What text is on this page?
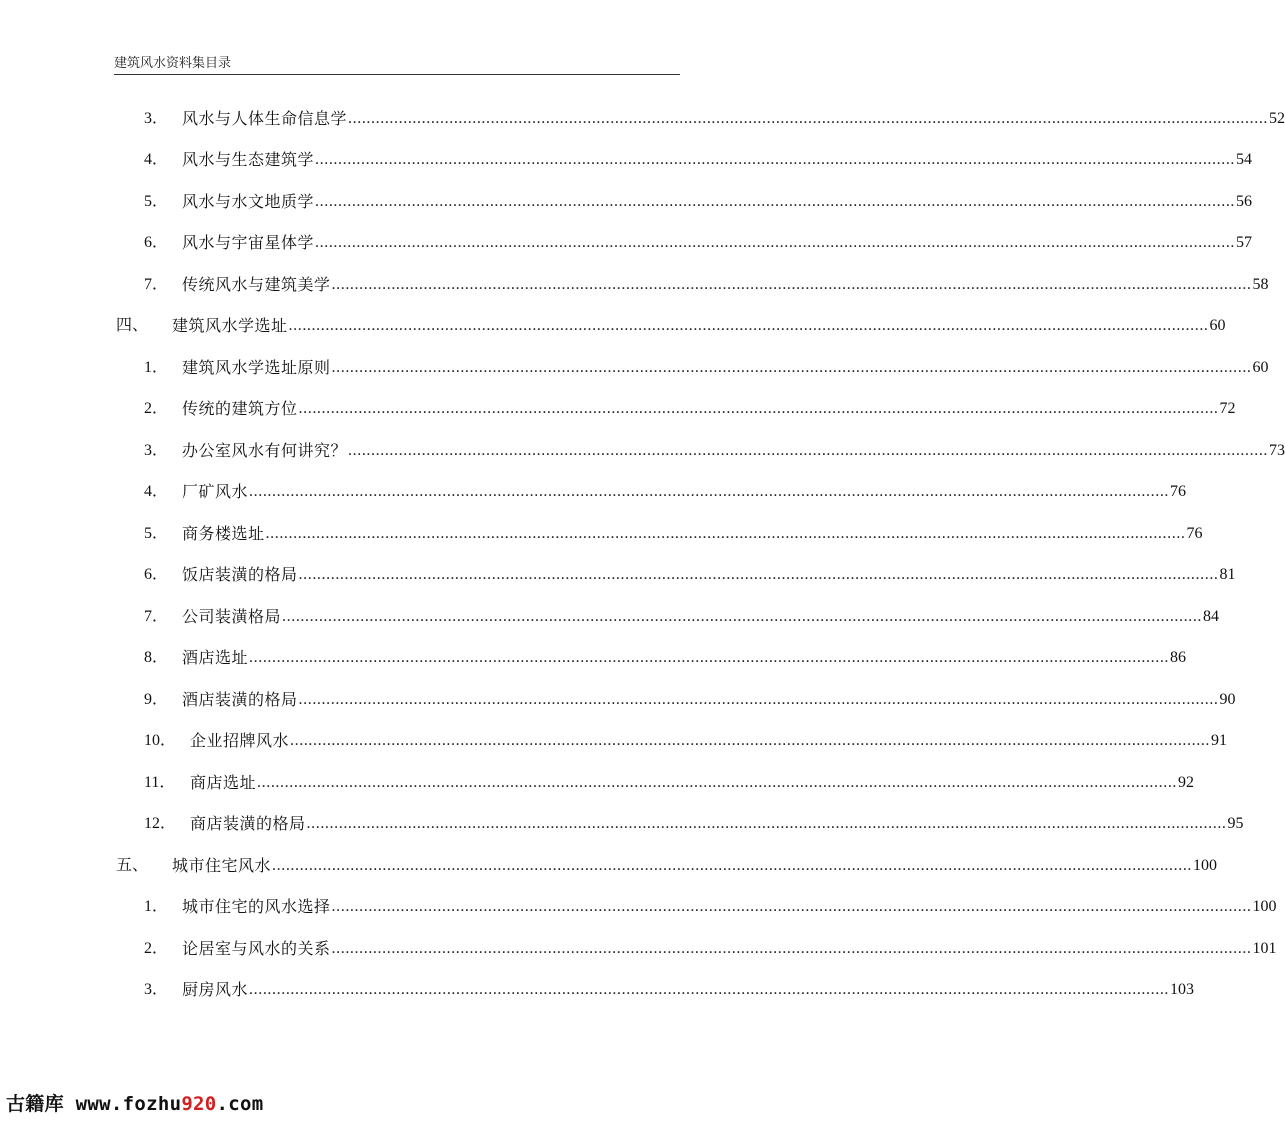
建筑风水资料集目录
3． 风水与人体生命信息学 ........................................................................................................................................................................................................ 52
4． 风水与生态建筑学 ........................................................................................................................................................................................................ 54
5． 风水与水文地质学 ........................................................................................................................................................................................................ 56
6． 风水与宇宙星体学 ........................................................................................................................................................................................................ 57
7． 传统风水与建筑美学 ........................................................................................................................................................................................................ 58
四、	建筑风水学选址 ........................................................................................................................................................................................................ 60
1． 建筑风水学选址原则 ........................................................................................................................................................................................................ 60
2． 传统的建筑方位 ........................................................................................................................................................................................................ 72
3． 办公室风水有何讲究？ ........................................................................................................................................................................................................ 73
4． 厂矿风水 ........................................................................................................................................................................................................ 76
5． 商务楼选址 ........................................................................................................................................................................................................ 76
6． 饭店装潢的格局 ........................................................................................................................................................................................................ 81
7． 公司装潢格局 ........................................................................................................................................................................................................ 84
8． 酒店选址 ........................................................................................................................................................................................................ 86
9． 酒店装潢的格局 ........................................................................................................................................................................................................ 90
10． 企业招牌风水 ........................................................................................................................................................................................................ 91
11． 商店选址 ........................................................................................................................................................................................................ 92
12． 商店装潢的格局 ........................................................................................................................................................................................................ 95
五、	城市住宅风水 ........................................................................................................................................................................................................ 100
1． 城市住宅的风水选择 ........................................................................................................................................................................................................ 100
2． 论居室与风水的关系 ........................................................................................................................................................................................................ 101
3． 厨房风水 ........................................................................................................................................................................................................ 103
古籍库 www.fozhu920.com
